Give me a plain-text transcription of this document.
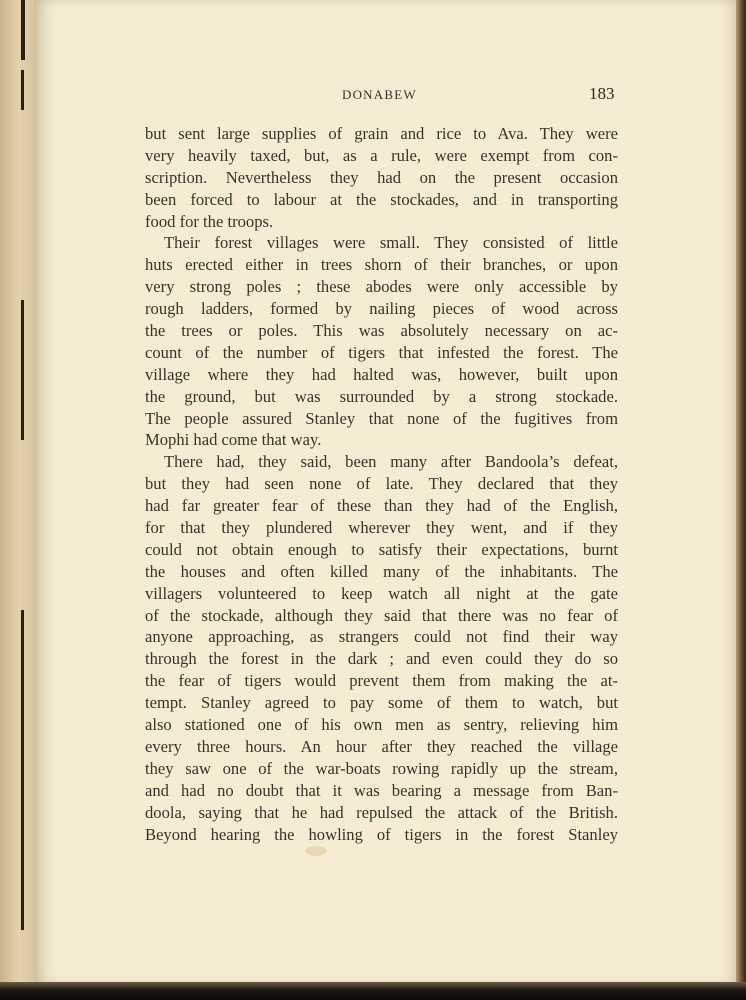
DONABEW	183
but sent large supplies of grain and rice to Ava. They were
very heavily taxed, but, as a rule, were exempt from con-
scription. Nevertheless they had on the present occasion
been forced to labour at the stockades, and in transporting
food for the troops.
Their forest villages were small. They consisted of little
huts erected either in trees shorn of their branches, or upon
very strong poles ; these abodes were only accessible by
rough ladders, formed by nailing pieces of wood across
the trees or poles. This was absolutely necessary on ac-
count of the number of tigers that infested the forest. The
village where they had halted was, however, built upon
the ground, but was surrounded by a strong stockade.
The people assured Stanley that none of the fugitives from
Mophi had come that way.
There had, they said, been many after Bandoola’s defeat,
but they had seen none of late. They declared that they
had far greater fear of these than they had of the English,
for that they plundered wherever they went, and if they
could not obtain enough to satisfy their expectations, burnt
the houses and often killed many of the inhabitants. The
villagers volunteered to keep watch all night at the gate
of the stockade, although they said that there was no fear of
anyone approaching, as strangers could not find their way
through the forest in the dark ; and even could they do so
the fear of tigers would prevent them from making the at-
tempt. Stanley agreed to pay some of them to watch, but
also stationed one of his own men as sentry, relieving him
every three hours. An hour after they reached the village
they saw one of the war-boats rowing rapidly up the stream,
and had no doubt that it was bearing a message from Ban-
doola, saying that he had repulsed the attack of the British.
Beyond hearing the howling of tigers in the forest Stanley
